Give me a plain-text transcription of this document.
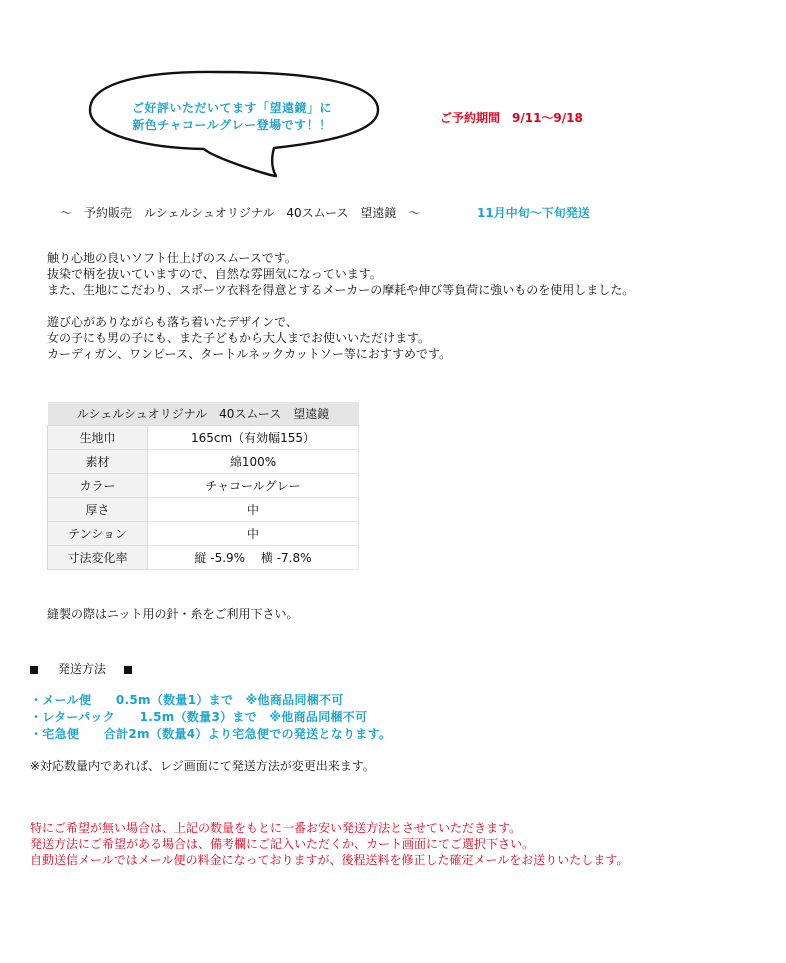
ご好評いただいてます「望遠鏡」に
新色チャコールグレー登場です！！	ご予約期間　9/11～9/18
～　予約販売　ルシェルシュオリジナル　40スムース　望遠鏡　～	11月中旬～下旬発送
触り心地の良いソフト仕上げのスムースです。
抜染で柄を抜いていますので、自然な雰囲気になっています。
また、生地にこだわり、スポーツ衣料を得意とするメーカーの摩耗や伸び等負荷に強いものを使用しました。
遊び心がありながらも落ち着いたデザインで、
女の子にも男の子にも、また子どもから大人までお使いいただけます。
カーディガン、ワンピース、タートルネックカットソー等におすすめです。
ルシェルシュオリジナル　40スムース　望遠鏡	
生地巾	165cm（有効幅155）
素材	綿100%
カラー	チャコールグレー
厚さ	中
テンション	中
寸法変化率	縦 -5.9%　 横 -7.8%
縫製の際はニット用の針・糸をご利用下さい。
発送方法
・メール便　　0.5m（数量1）まで　※他商品同梱不可
・レターパック　　1.5m（数量3）まで　※他商品同梱不可
・宅急便　　合計2m（数量4）より宅急便での発送となります。
※対応数量内であれば、レジ画面にて発送方法が変更出来ます。
特にご希望が無い場合は、上記の数量をもとに一番お安い発送方法とさせていただきます。
発送方法にご希望がある場合は、備考欄にご記入いただくか、カート画面にてご選択下さい。
自動送信メールではメール便の料金になっておりますが、後程送料を修正した確定メールをお送りいたします。
